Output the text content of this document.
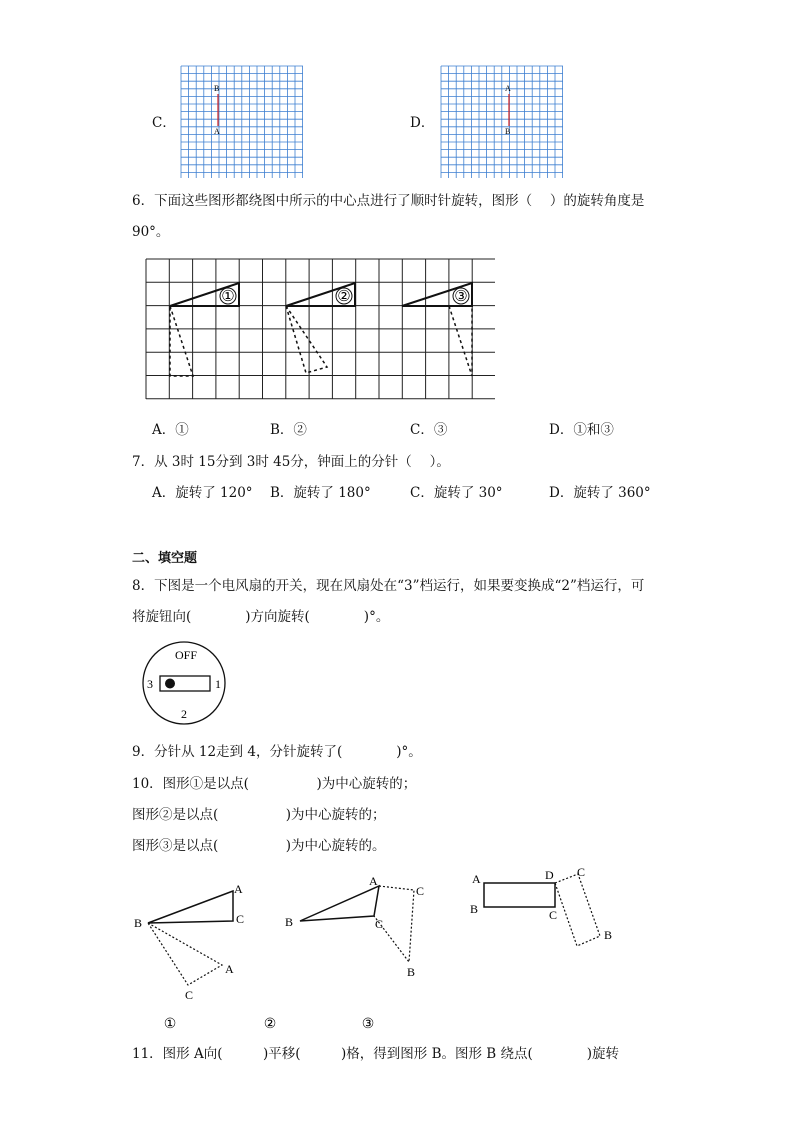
C．
B
A
D．
A
B
6．下面这些图形都绕图中所示的中心点进行了顺时针旋转，图形（　 ）的旋转角度是
90°。
①	②	③
A．①	B．②	C．③	D．①和③
7．从 3时 15分到 3时 45分，钟面上的分针（　 ）。
A．旋转了 120° B．旋转了 180°	C．旋转了 30°	D．旋转了 360°
二、填空题
8．下图是一个电风扇的开关，现在风扇处在“3”档运行，如果要变换成“2”档运行，可
将旋钮向(　　　　)方向旋转(　　　　)°。
OFF
3	1
2
9．分针从 12走到 4，分针旋转了(　　　　)°。
10．图形①是以点(　　　　　)为中心旋转的；
图形②是以点(　　　　　)为中心旋转的；
图形③是以点(　　　　　)为中心旋转的。
A
B	C
A
C
A
B	C
C
B
A
B
D
C
C
B
①	②	③
11．图形 A向(　　　)平移(　　　)格，得到图形 B。图形 B 绕点(　　　　)旋转
